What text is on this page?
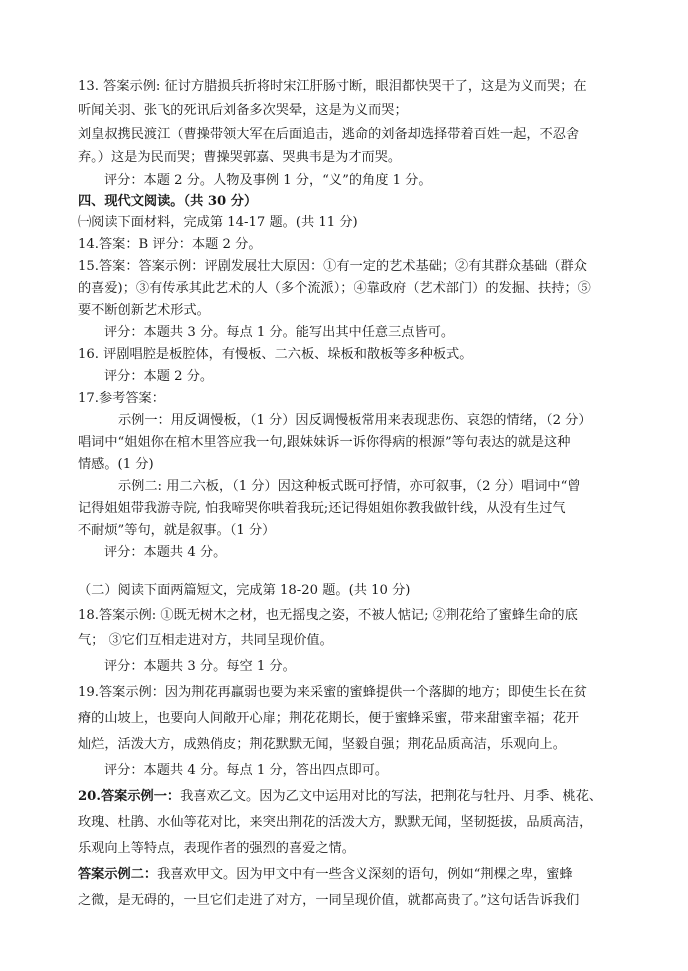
13. 答案示例: 征讨方腊损兵折将时宋江肝肠寸断，眼泪都快哭干了，这是为义而哭；在
听闻关羽、张飞的死讯后刘备多次哭晕，这是为义而哭；
刘皇叔携民渡江（曹操带领大军在后面追击，逃命的刘备却选择带着百姓一起，不忍舍
弃。）这是为民而哭；曹操哭郭嘉、哭典韦是为才而哭。
评分：本题 2 分。人物及事例 1 分，“义”的角度 1 分。
四、现代文阅读。（共 30 分）
㈠阅读下面材料，完成第 14-17 题。(共 11 分)
14.答案：B 评分：本题 2 分。
15.答案：答案示例：评剧发展壮大原因：①有一定的艺术基础；②有其群众基础（群众
的喜爱)；③有传承其此艺术的人（多个流派）；④靠政府（艺术部门）的发掘、扶持；⑤
要不断创新艺术形式。
评分：本题共 3 分。每点 1 分。能写出其中任意三点皆可。
16. 评剧唱腔是板腔体，有慢板、二六板、垛板和散板等多种板式。
评分：本题 2 分。
17.参考答案：
示例一：用反调慢板，（1 分）因反调慢板常用来表现悲伤、哀怨的情绪，（2 分）
唱词中“姐姐你在棺木里答应我一句,跟妹妹诉一诉你得病的根源”等句表达的就是这种
情感。(1 分)
示例二: 用二六板，（1 分）因这种板式既可抒情，亦可叙事，（2 分）唱词中“曾
记得姐姐带我游寺院, 怕我啼哭你哄着我玩;还记得姐姐你教我做针线，从没有生过气
不耐烦”等句，就是叙事。（1 分）
评分：本题共 4 分。
（二）阅读下面两篇短文，完成第 18-20 题。(共 10 分)
18.答案示例: ①既无树木之材，也无摇曳之姿，不被人惦记; ②荆花给了蜜蜂生命的底
气； ③它们互相走进对方，共同呈现价值。
评分：本题共 3 分。每空 1 分。
19.答案示例：因为荆花再羸弱也要为来采蜜的蜜蜂提供一个落脚的地方；即使生长在贫
瘠的山坡上，也要向人间敞开心扉；荆花花期长，便于蜜蜂采蜜，带来甜蜜幸福；花开
灿烂，活泼大方，成熟俏皮；荆花默默无闻，坚毅自强；荆花品质高洁，乐观向上。
评分：本题共 4 分。每点 1 分，答出四点即可。
20.答案示例一：我喜欢乙文。因为乙文中运用对比的写法，把荆花与牡丹、月季、桃花、
玫瑰、杜鹃、水仙等花对比，来突出荆花的活泼大方，默默无闻，坚韧挺拔，品质高洁，
乐观向上等特点，表现作者的强烈的喜爱之情。
答案示例二：我喜欢甲文。因为甲文中有一些含义深刻的语句，例如“荆棵之卑，蜜蜂
之微，是无碍的，一旦它们走进了对方，一同呈现价值，就都高贵了。”这句话告诉我们
